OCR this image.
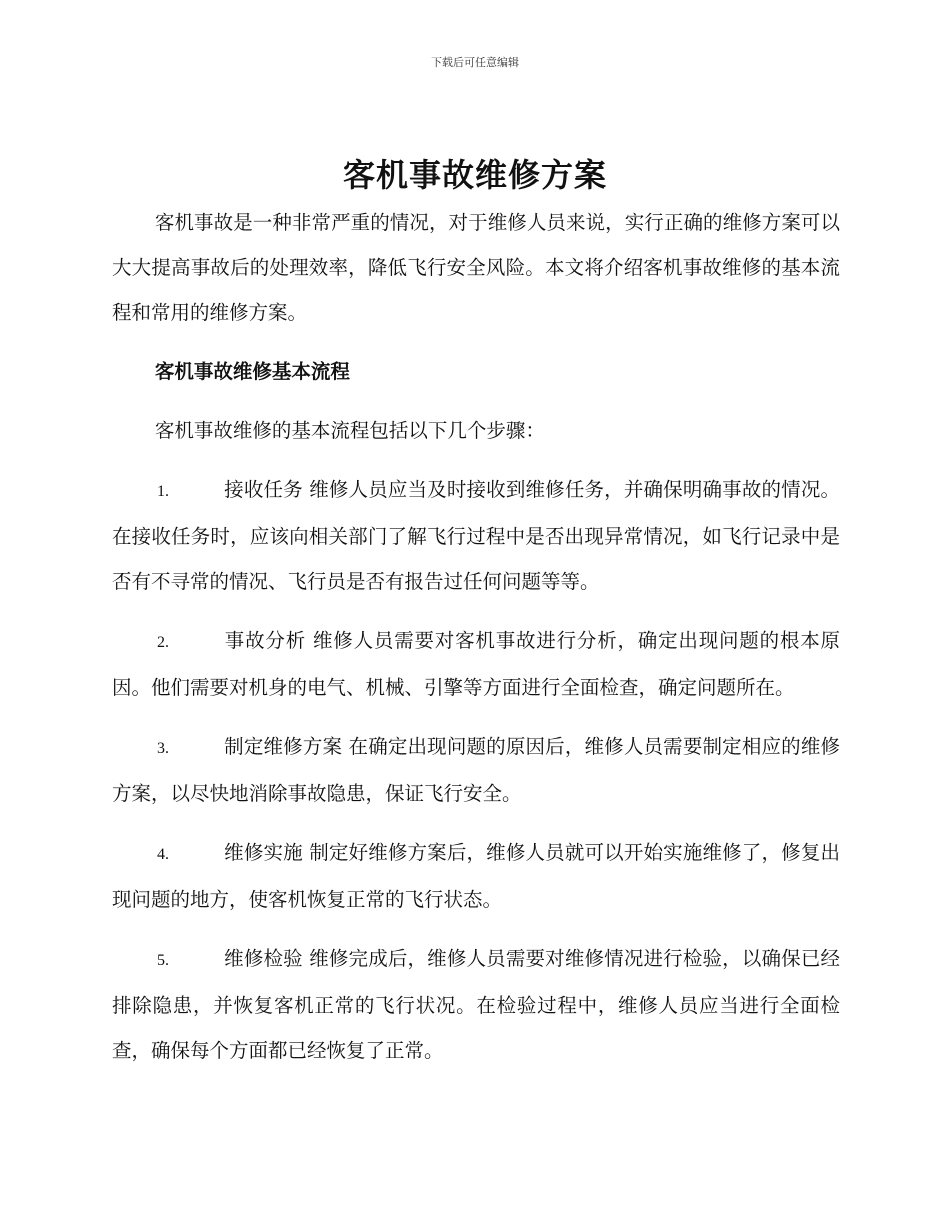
下载后可任意编辑
客机事故维修方案

客机事故是一种非常严重的情况，对于维修人员来说，实行正确的维修方案可以大大提高事故后的处理效率，降低飞行安全风险。本文将介绍客机事故维修的基本流程和常用的维修方案。

客机事故维修基本流程

客机事故维修的基本流程包括以下几个步骤：

1.	接收任务 维修人员应当及时接收到维修任务，并确保明确事故的情况。在接收任务时，应该向相关部门了解飞行过程中是否出现异常情况，如飞行记录中是否有不寻常的情况、飞行员是否有报告过任何问题等等。

2.	事故分析 维修人员需要对客机事故进行分析，确定出现问题的根本原因。他们需要对机身的电气、机械、引擎等方面进行全面检查，确定问题所在。

3.	制定维修方案 在确定出现问题的原因后，维修人员需要制定相应的维修方案，以尽快地消除事故隐患，保证飞行安全。

4.	维修实施 制定好维修方案后，维修人员就可以开始实施维修了，修复出现问题的地方，使客机恢复正常的飞行状态。

5.	维修检验 维修完成后，维修人员需要对维修情况进行检验，以确保已经排除隐患，并恢复客机正常的飞行状况。在检验过程中，维修人员应当进行全面检查，确保每个方面都已经恢复了正常。
